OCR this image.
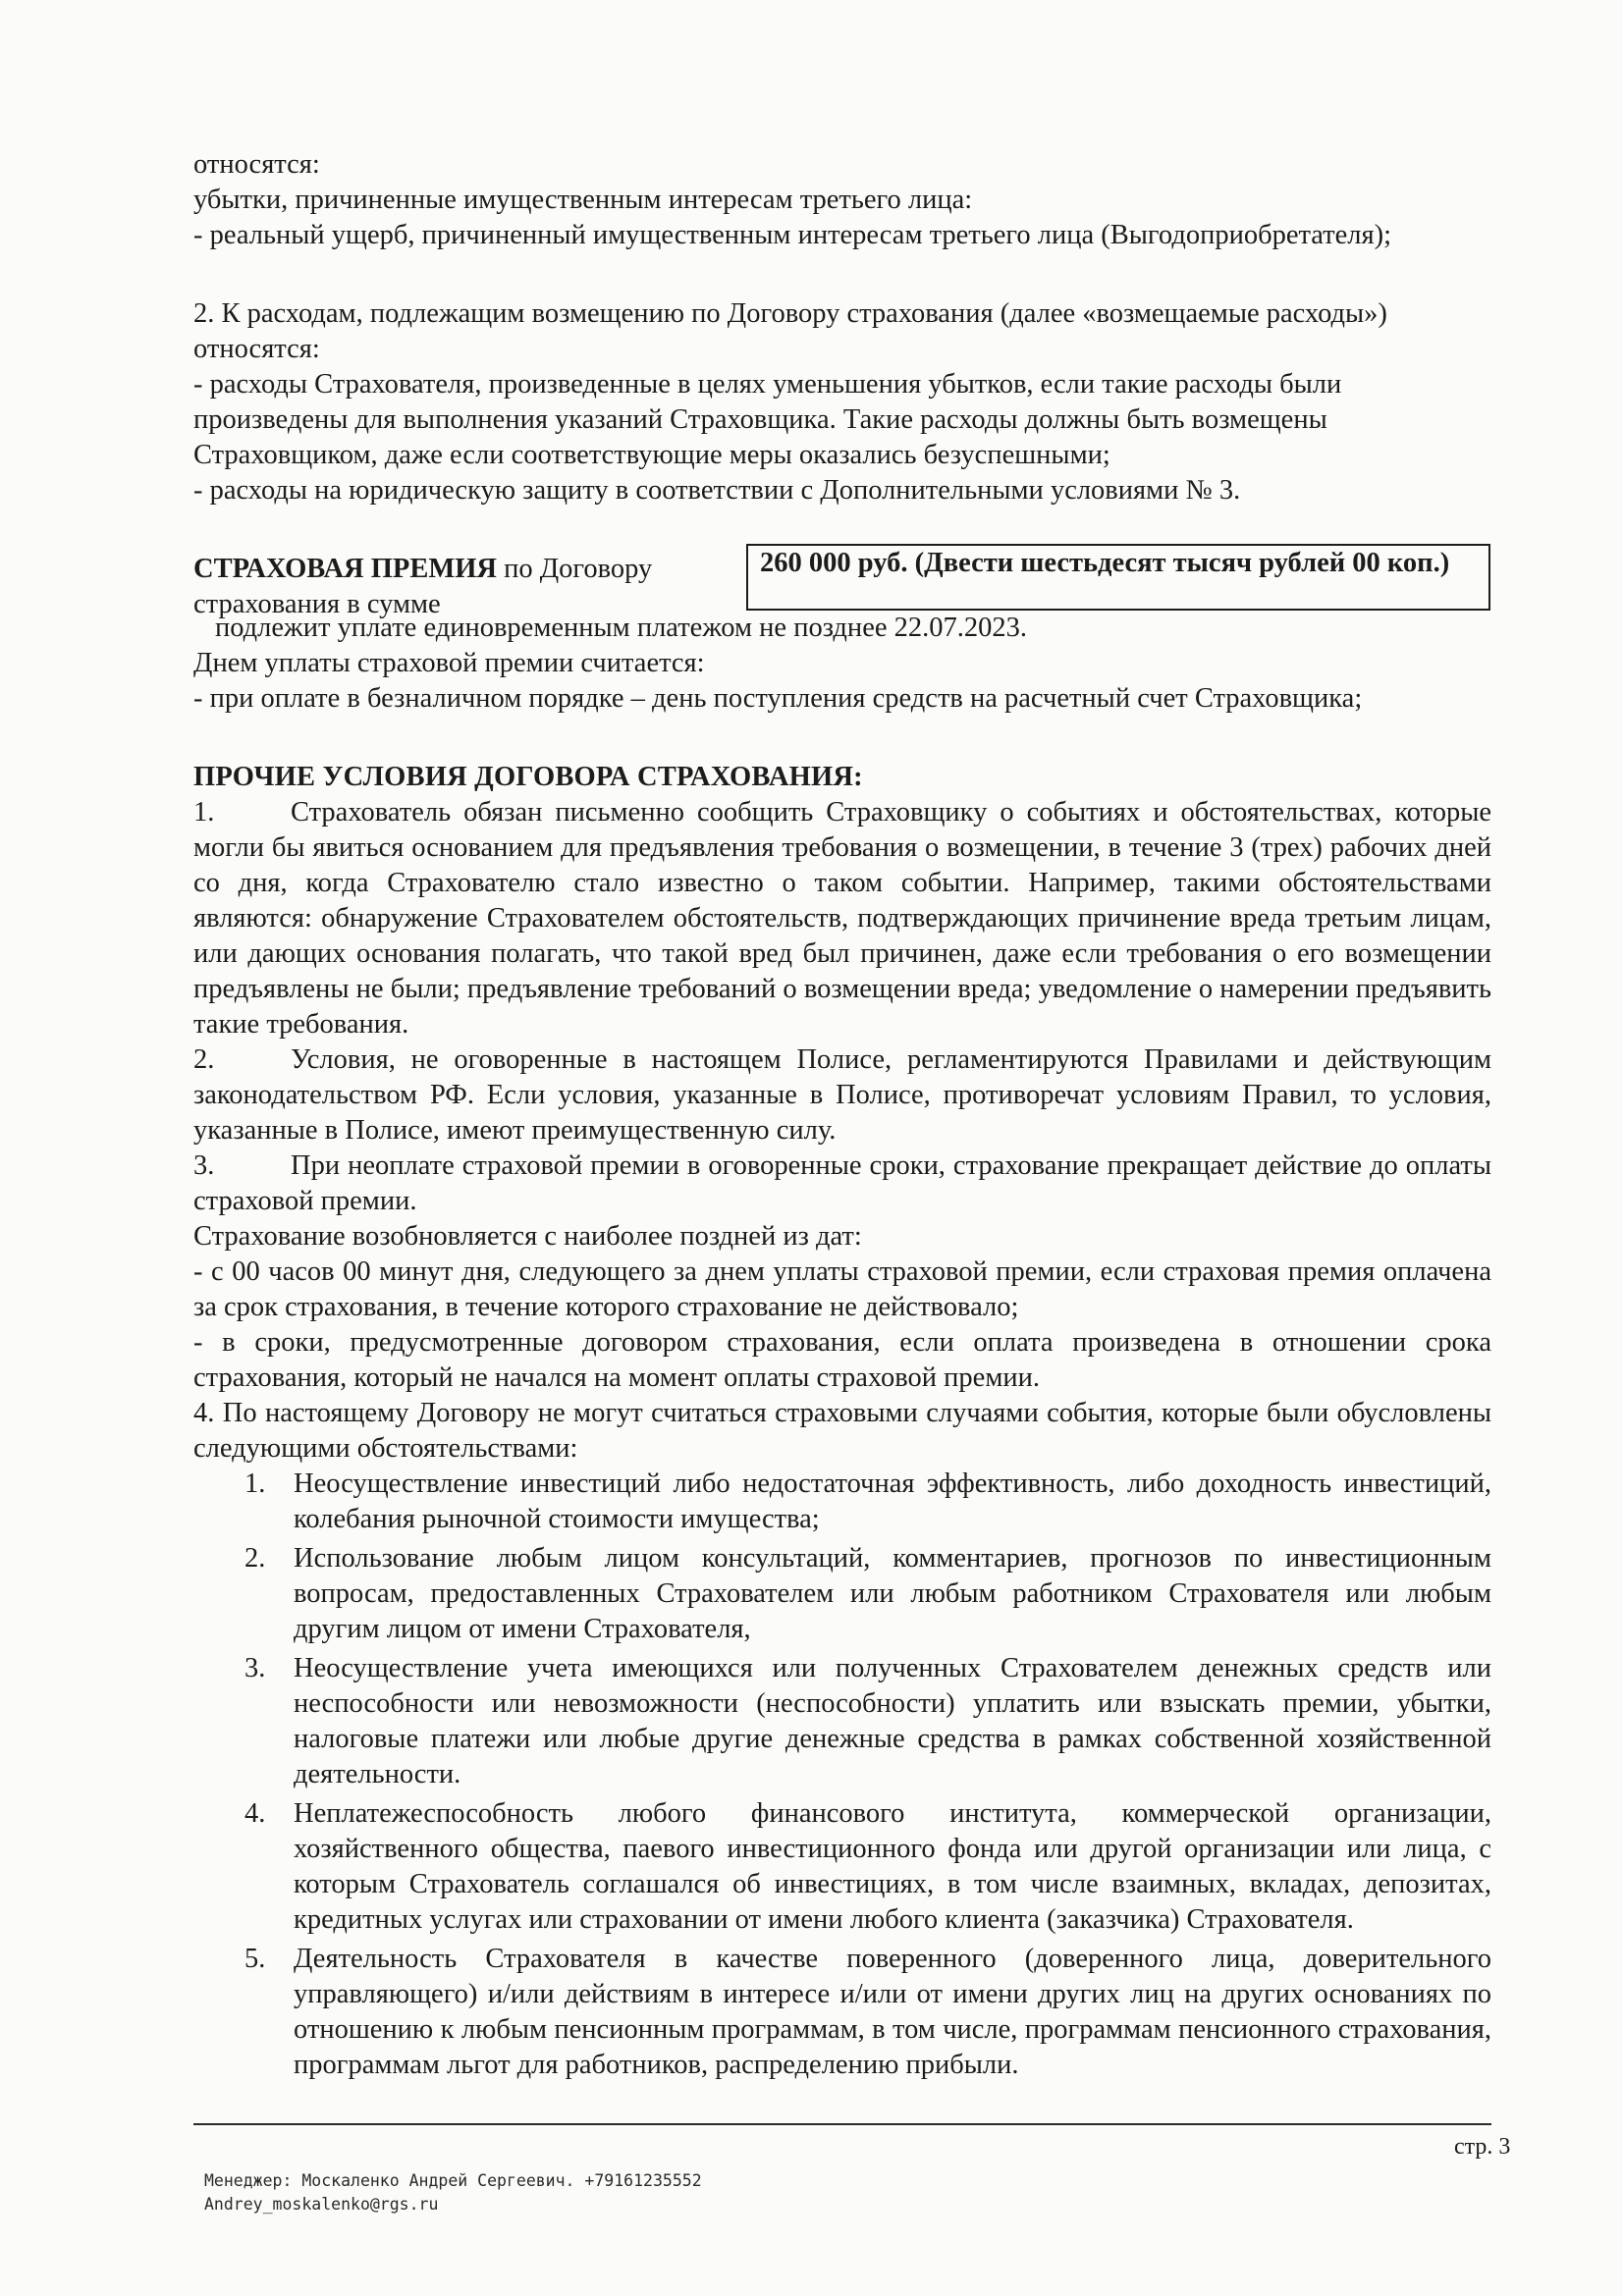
относятся:

убытки, причиненные имущественным интересам третьего лица:

- реальный ущерб, причиненный имущественным интересам третьего лица (Выгодоприобретателя);

2. К расходам, подлежащим возмещению по Договору страхования (далее «возмещаемые расходы»)

относятся:

- расходы Страхователя, произведенные в целях уменьшения убытков, если такие расходы были

произведены для выполнения указаний Страховщика. Такие расходы должны быть возмещены

Страховщиком, даже если соответствующие меры оказались безуспешными;

- расходы на юридическую защиту в соответствии с Дополнительными условиями № 3.

СТРАХОВАЯ ПРЕМИЯ по Договору
страхования в сумме
260 000 руб. (Двести шестьдесят тысяч рублей 00 коп.)

подлежит уплате единовременным платежом не позднее 22.07.2023.

Днем уплаты страховой премии считается:

- при оплате в безналичном порядке – день поступления средств на расчетный счет Страховщика;

ПРОЧИЕ УСЛОВИЯ ДОГОВОРА СТРАХОВАНИЯ:

1.	Страхователь обязан письменно сообщить Страховщику о событиях и обстоятельствах, которые могли бы явиться основанием для предъявления требования о возмещении, в течение 3 (трех) рабочих дней со дня, когда Страхователю стало известно о таком событии. Например, такими обстоятельствами являются: обнаружение Страхователем обстоятельств, подтверждающих причинение вреда третьим лицам, или дающих основания полагать, что такой вред был причинен, даже если требования о его возмещении предъявлены не были; предъявление требований о возмещении вреда; уведомление о намерении предъявить такие требования.

2.	Условия, не оговоренные в настоящем Полисе, регламентируются Правилами и действующим законодательством РФ. Если условия, указанные в Полисе, противоречат условиям Правил, то условия, указанные в Полисе, имеют преимущественную силу.

3.	При неоплате страховой премии в оговоренные сроки, страхование прекращает действие до оплаты страховой премии.

Страхование возобновляется с наиболее поздней из дат:

- с 00 часов 00 минут дня, следующего за днем уплаты страховой премии, если страховая премия оплачена за срок страхования, в течение которого страхование не действовало;

- в сроки, предусмотренные договором страхования, если оплата произведена в отношении срока страхования, который не начался на момент оплаты страховой премии.

4. По настоящему Договору не могут считаться страховыми случаями события, которые были обусловлены следующими обстоятельствами:

1. Неосуществление инвестиций либо недостаточная эффективность, либо доходность инвестиций, колебания рыночной стоимости имущества;
2. Использование любым лицом консультаций, комментариев, прогнозов по инвестиционным вопросам, предоставленных Страхователем или любым работником Страхователя или любым другим лицом от имени Страхователя,
3. Неосуществление учета имеющихся или полученных Страхователем денежных средств или неспособности или невозможности (неспособности) уплатить или взыскать премии, убытки, налоговые платежи или любые другие денежные средства в рамках собственной хозяйственной деятельности.
4. Неплатежеспособность любого финансового института, коммерческой организации, хозяйственного общества, паевого инвестиционного фонда или другой организации или лица, с которым Страхователь соглашался об инвестициях, в том числе взаимных, вкладах, депозитах, кредитных услугах или страховании от имени любого клиента (заказчика) Страхователя.
5. Деятельность Страхователя в качестве поверенного (доверенного лица, доверительного управляющего) и/или действиям в интересе и/или от имени других лиц на других основаниях по отношению к любым пенсионным программам, в том числе, программам пенсионного страхования, программам льгот для работников, распределению прибыли.
стр. 3
Менеджер: Москаленко Андрей Сергеевич. +79161235552
Andrey_moskalenko@rgs.ru
